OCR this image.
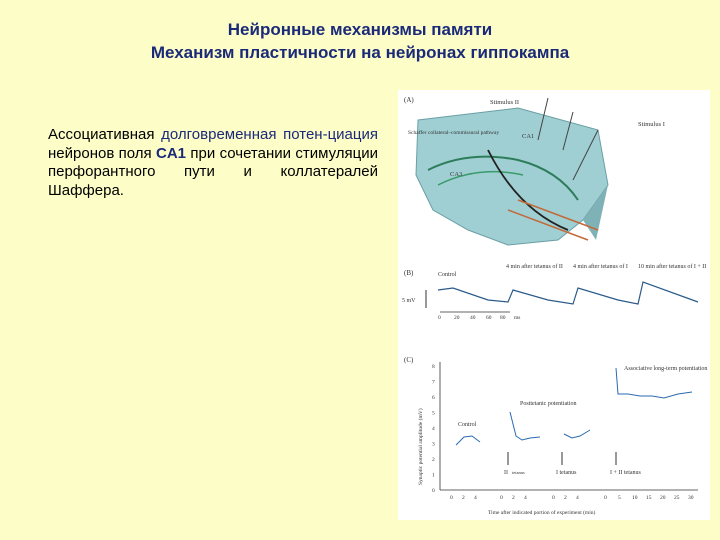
Нейронные механизмы памяти
Механизм пластичности на нейронах гиппокампа
Ассоциативная долговременная потен-циация нейронов поля CA1 при сочетании стимуляции перфорантного пути и коллатералей Шаффера.
(A)	Stimulus II
Stimulus I
Schaffer collateral–commissural pathway	CA1
CA3
(B)	Control
4 min after tetanus of II 4 min after tetanus of I 10 min after tetanus of I + II
5 mV
0 20 40 60 80 ms
(C)
0
1
2
3
4
5
6
7
8
0 2 4	0 2 4	0 2 4	0 5 10 15 20 25 30
Synaptic potential amplitude (mV)
Time after indicated portion of experiment (min)
Control
Posttetanic potentiation
Associative long-term potentiation
II tetanus	I tetanus	I + II tetanus
